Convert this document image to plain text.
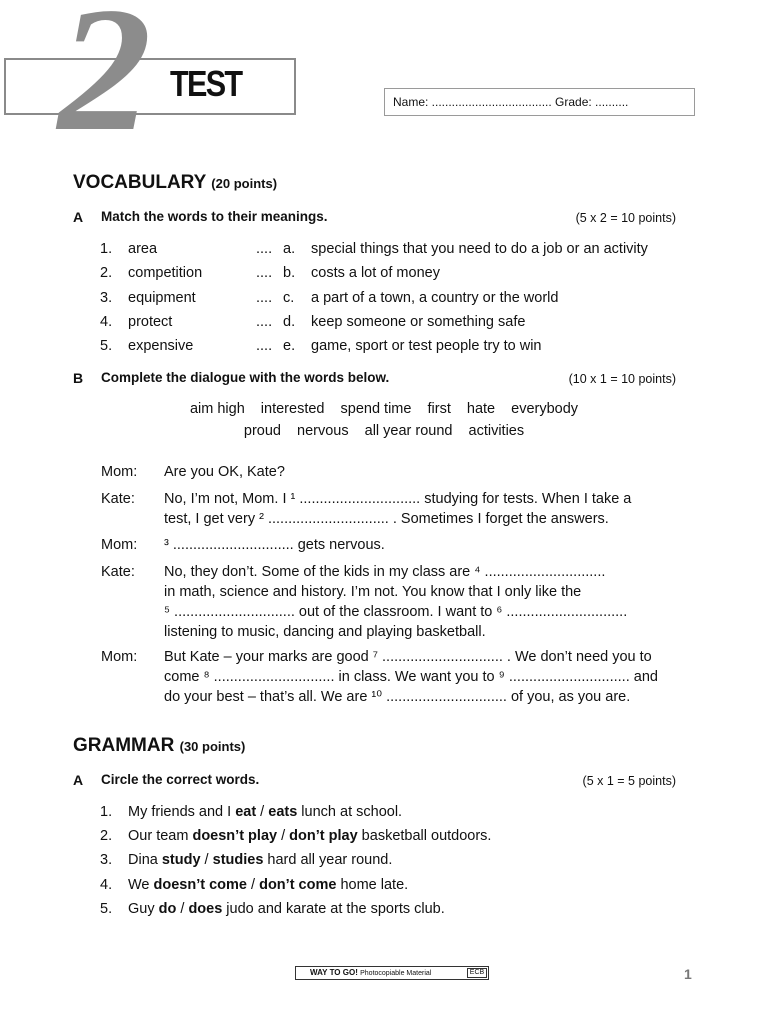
2 TEST	Name: .................................... Grade: ..........
VOCABULARY (20 points)
A Match the words to their meanings.	(5 x 2 = 10 points)
1. area	.... a. special things that you need to do a job or an activity
2. competition	.... b. costs a lot of money
3. equipment	.... c. a part of a town, a country or the world
4. protect	.... d. keep someone or something safe
5. expensive	.... e. game, sport or test people try to win
B Complete the dialogue with the words below.	(10 x 1 = 10 points)
aim high interested spend time first hate everybody
proud nervous all year round activities
Mom: Are you OK, Kate?
Kate: No, I’m not, Mom. I ¹ .............................. studying for tests. When I take a
test, I get very ² .............................. . Sometimes I forget the answers.
Mom: ³ .............................. gets nervous.
Kate: No, they don’t. Some of the kids in my class are ⁴ ..............................
in math, science and history. I’m not. You know that I only like the
⁵ .............................. out of the classroom. I want to ⁶ ..............................
listening to music, dancing and playing basketball.
Mom: But Kate – your marks are good ⁷ .............................. . We don’t need you to
come ⁸ .............................. in class. We want you to ⁹ .............................. and
do your best – that’s all. We are ¹⁰ .............................. of you, as you are.
GRAMMAR (30 points)
A Circle the correct words.	(5 x 1 = 5 points)
1. My friends and I eat / eats lunch at school.
2. Our team doesn’t play / don’t play basketball outdoors.
3. Dina study / studies hard all year round.
4. We doesn’t come / don’t come home late.
5. Guy do / does judo and karate at the sports club.
WAY TO GO! Photocopiable Material	ECB	1
